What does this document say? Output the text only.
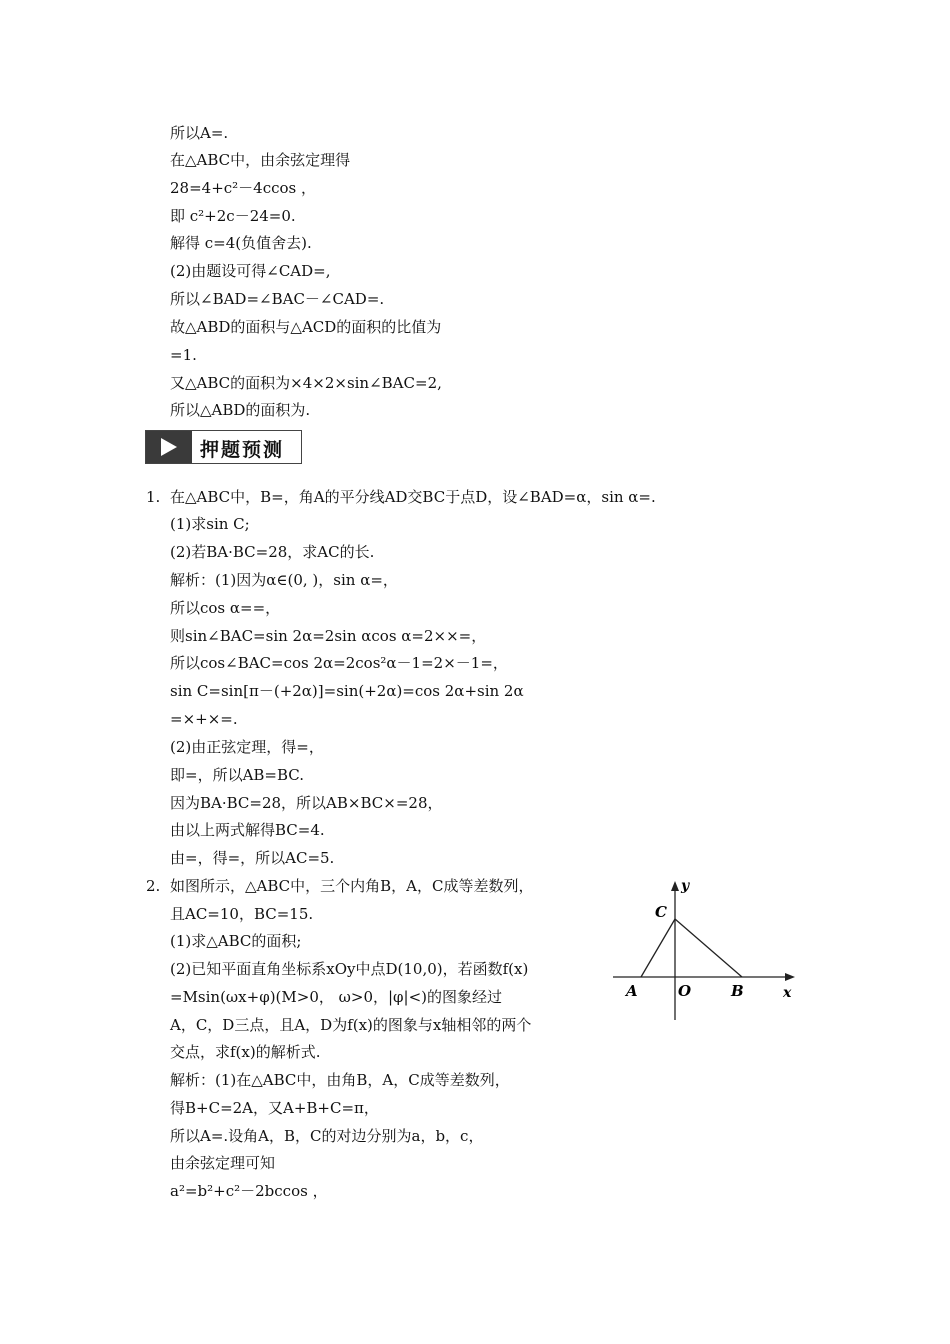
所以A=.
在△ABC中，由余弦定理得
28=4+c²－4ccos ，
即 c²+2c－24=0.
解得 c=4(负值舍去).
(2)由题设可得∠CAD=,
所以∠BAD=∠BAC－∠CAD=.
故△ABD的面积与△ACD的面积的比值为
=1.
又△ABC的面积为×4×2×sin∠BAC=2,
所以△ABD的面积为.
押题预测
1. 在△ABC中，B=，角A的平分线AD交BC于点D，设∠BAD=α，sin α=.
(1)求sin C;
(2)若BA·BC=28，求AC的长.
解析：(1)因为α∈(0, )，sin α=，
所以cos α==，
则sin∠BAC=sin 2α=2sin αcos α=2××=，
所以cos∠BAC=cos 2α=2cos²α－1=2×－1=，
sin C=sin[π－(+2α)]=sin(+2α)=cos 2α+sin 2α
=×+×=.
(2)由正弦定理，得=，
即=，所以AB=BC.
因为BA·BC=28，所以AB×BC×=28，
由以上两式解得BC=4.
由=，得=，所以AC=5.
2. 如图所示，△ABC中，三个内角B，A，C成等差数列，
且AC=10，BC=15.
(1)求△ABC的面积;
(2)已知平面直角坐标系xOy中点D(10,0)，若函数f(x)
=Msin(ωx+φ)(M>0， ω>0，|φ|<)的图象经过
A，C，D三点，且A，D为f(x)的图象与x轴相邻的两个
交点，求f(x)的解析式.
解析：(1)在△ABC中，由角B，A，C成等差数列，
得B+C=2A，又A+B+C=π，
所以A=.设角A，B，C的对边分别为a，b，c，
由余弦定理可知
a²=b²+c²－2bccos ，
y
x
C
A	O	B
